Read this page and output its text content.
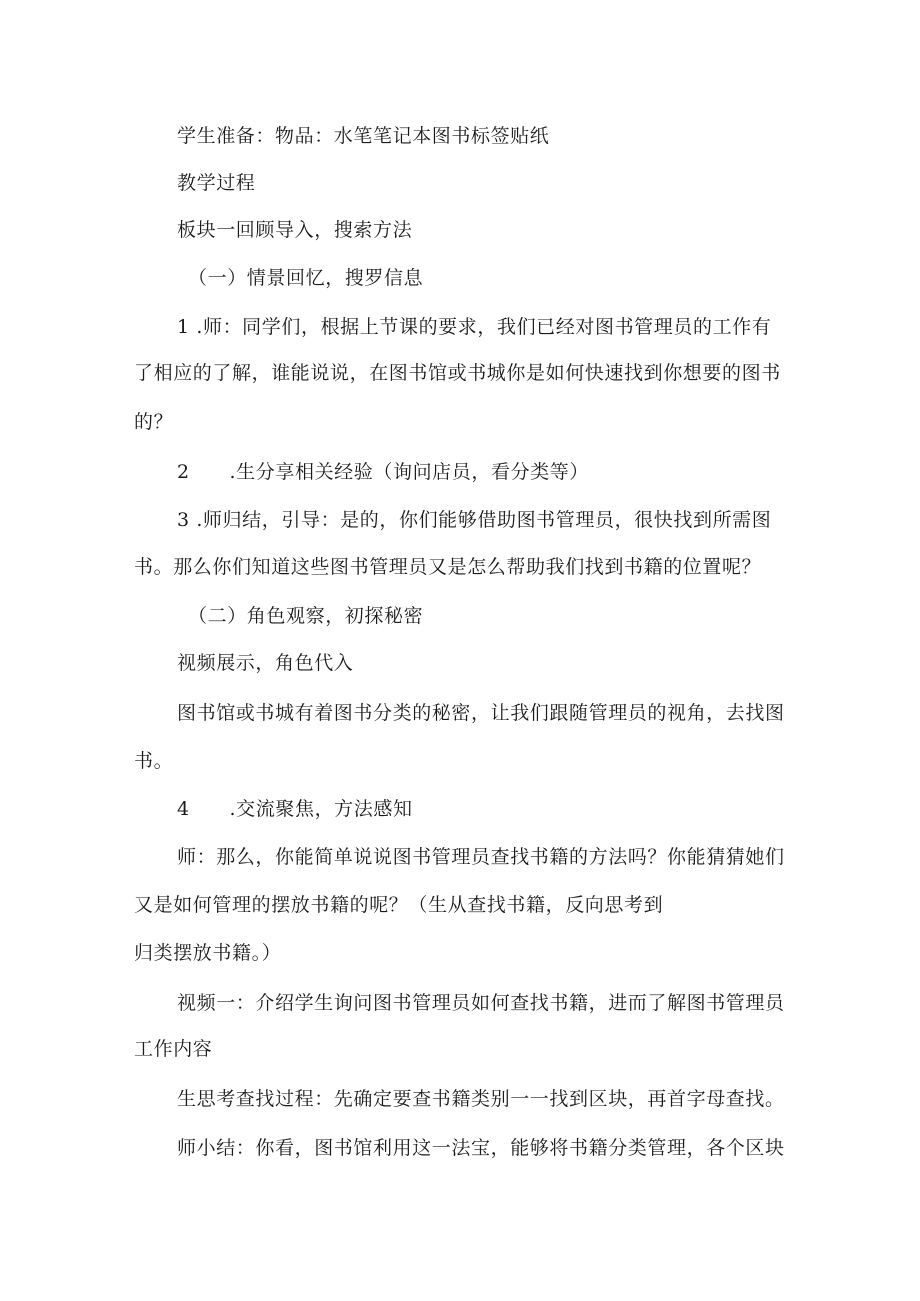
学生准备：物品：水笔笔记本图书标签贴纸
教学过程
板块一回顾导入，搜索方法
（一）情景回忆，搜罗信息
1 .师：同学们，根据上节课的要求，我们已经对图书管理员的工作有
了相应的了解，谁能说说，在图书馆或书城你是如何快速找到你想要的图书
的？
2      .生分享相关经验（询问店员，看分类等）
3 .师归结，引导：是的，你们能够借助图书管理员，很快找到所需图
书。那么你们知道这些图书管理员又是怎么帮助我们找到书籍的位置呢？
（二）角色观察，初探秘密
视频展示，角色代入
图书馆或书城有着图书分类的秘密，让我们跟随管理员的视角，去找图
书。
4      .交流聚焦，方法感知
师：那么，你能简单说说图书管理员查找书籍的方法吗？你能猜猜她们
又是如何管理的摆放书籍的呢？（生从查找书籍，反向思考到
归类摆放书籍。）
视频一：介绍学生询问图书管理员如何查找书籍，进而了解图书管理员
工作内容
生思考查找过程：先确定要查书籍类别一一找到区块，再首字母查找。
师小结：你看，图书馆利用这一法宝，能够将书籍分类管理，各个区块
